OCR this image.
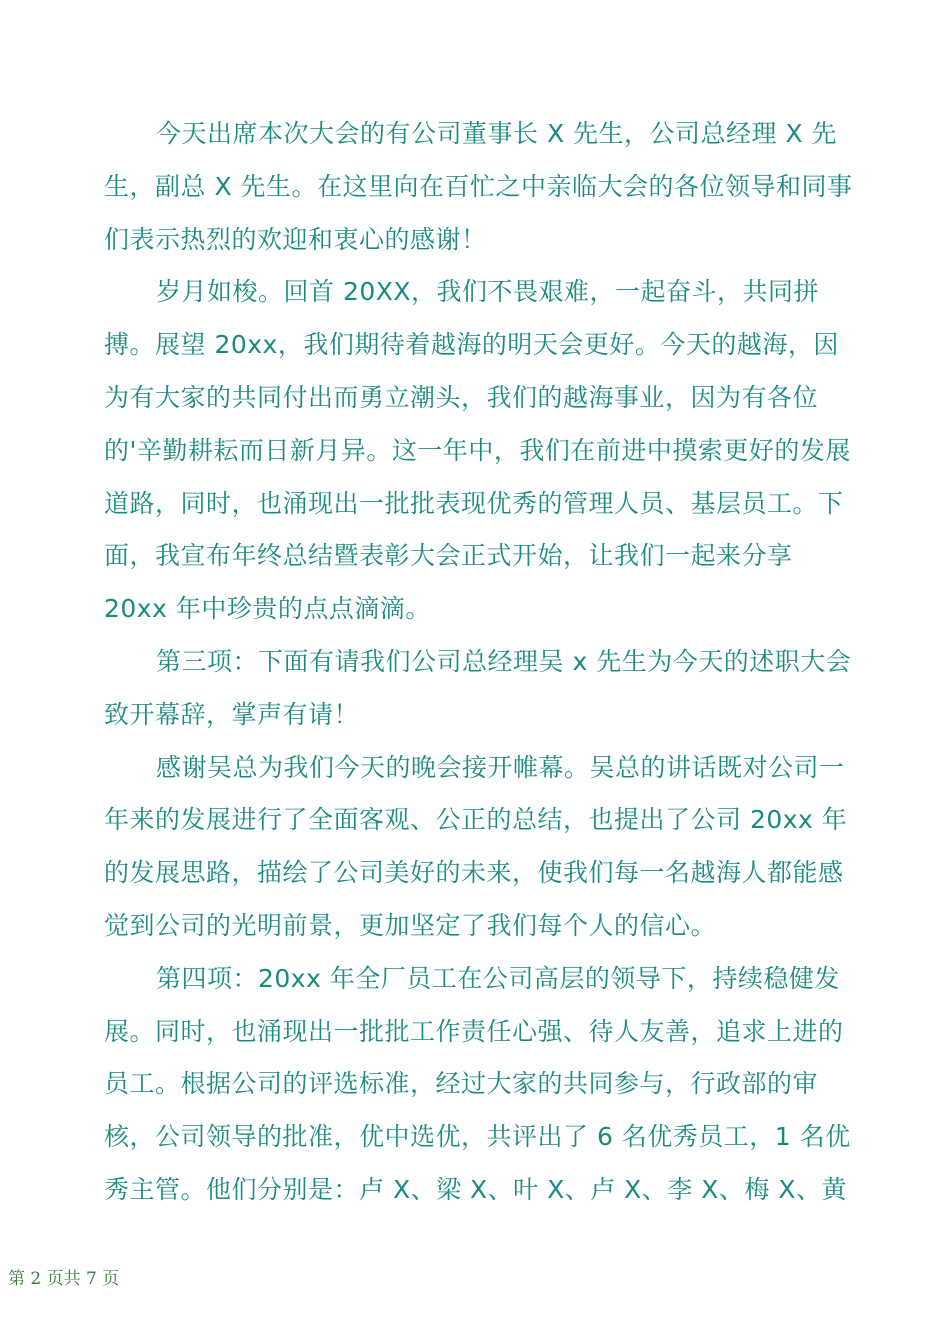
今天出席本次大会的有公司董事长 X 先生，公司总经理 X 先生，副总 X 先生。在这里向在百忙之中亲临大会的各位领导和同事们表示热烈的欢迎和衷心的感谢！

岁月如梭。回首 20XX，我们不畏艰难，一起奋斗，共同拼搏。展望 20xx，我们期待着越海的明天会更好。今天的越海，因为有大家的共同付出而勇立潮头，我们的越海事业，因为有各位的'辛勤耕耘而日新月异。这一年中，我们在前进中摸索更好的发展道路，同时，也涌现出一批批表现优秀的管理人员、基层员工。下面，我宣布年终总结暨表彰大会正式开始，让我们一起来分享 20xx 年中珍贵的点点滴滴。

第三项：下面有请我们公司总经理吴 x 先生为今天的述职大会致开幕辞，掌声有请！

感谢吴总为我们今天的晚会接开帷幕。吴总的讲话既对公司一年来的发展进行了全面客观、公正的总结，也提出了公司 20xx 年的发展思路，描绘了公司美好的未来，使我们每一名越海人都能感觉到公司的光明前景，更加坚定了我们每个人的信心。

第四项：20xx 年全厂员工在公司高层的领导下，持续稳健发展。同时，也涌现出一批批工作责任心强、待人友善，追求上进的员工。根据公司的评选标准，经过大家的共同参与，行政部的审核，公司领导的批准，优中选优，共评出了 6 名优秀员工，1 名优秀主管。他们分别是：卢 X、梁 X、叶 X、卢 X、李 X、梅 X、黄

第 2 页共 7 页
